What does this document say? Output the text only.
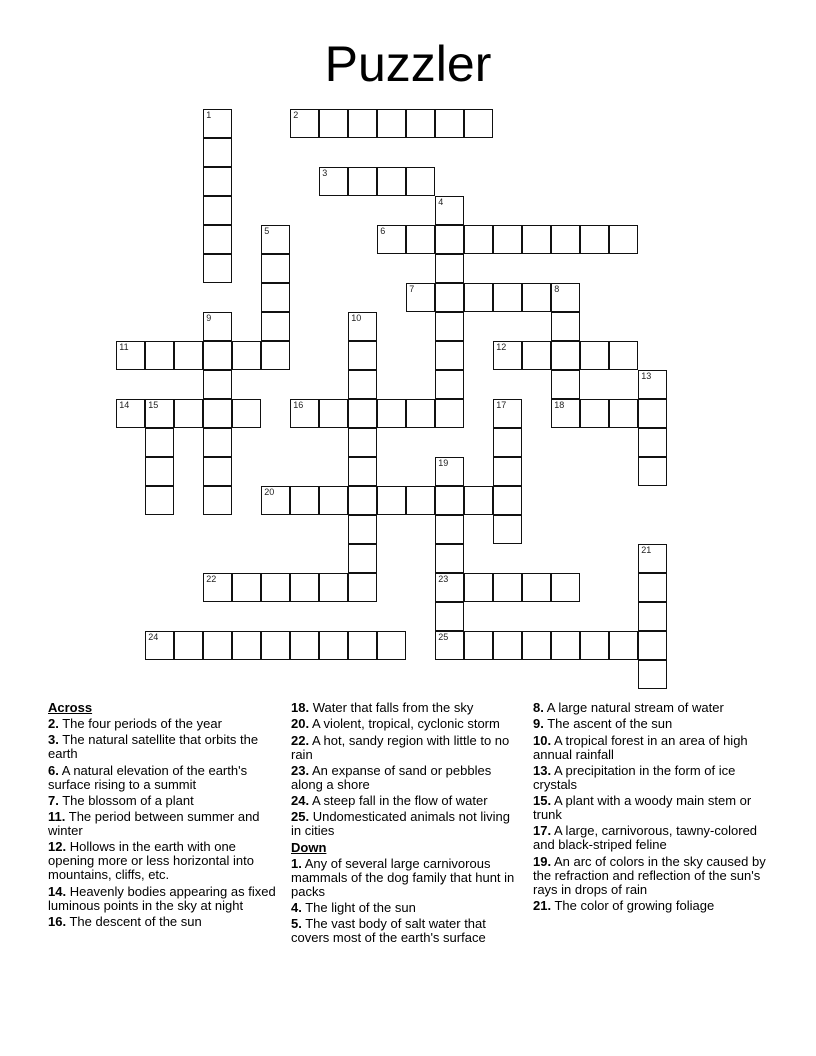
Puzzler
1	2
3
4
5	6
7	8
18
9	10
11	12
13
14 15	16	17
19
23
25
20
21
22
24
Across
2. The four periods of the year
3. The natural satellite that orbits the earth
6. A natural elevation of the earth's surface rising to a summit
7. The blossom of a plant
11. The period between summer and winter
12. Hollows in the earth with one opening more or less horizontal into mountains, cliffs, etc.
14. Heavenly bodies appearing as fixed luminous points in the sky at night
16. The descent of the sun
18. Water that falls from the sky
20. A violent, tropical, cyclonic storm
22. A hot, sandy region with little to no rain
23. An expanse of sand or pebbles along a shore
24. A steep fall in the flow of water
25. Undomesticated animals not living in cities
Down
1. Any of several large carnivorous mammals of the dog family that hunt in packs
4. The light of the sun
5. The vast body of salt water that covers most of the earth's surface
8. A large natural stream of water
9. The ascent of the sun
10. A tropical forest in an area of high annual rainfall
13. A precipitation in the form of ice crystals
15. A plant with a woody main stem or trunk
17. A large, carnivorous, tawny-colored and black-striped feline
19. An arc of colors in the sky caused by the refraction and reflection of the sun's rays in drops of rain
21. The color of growing foliage
